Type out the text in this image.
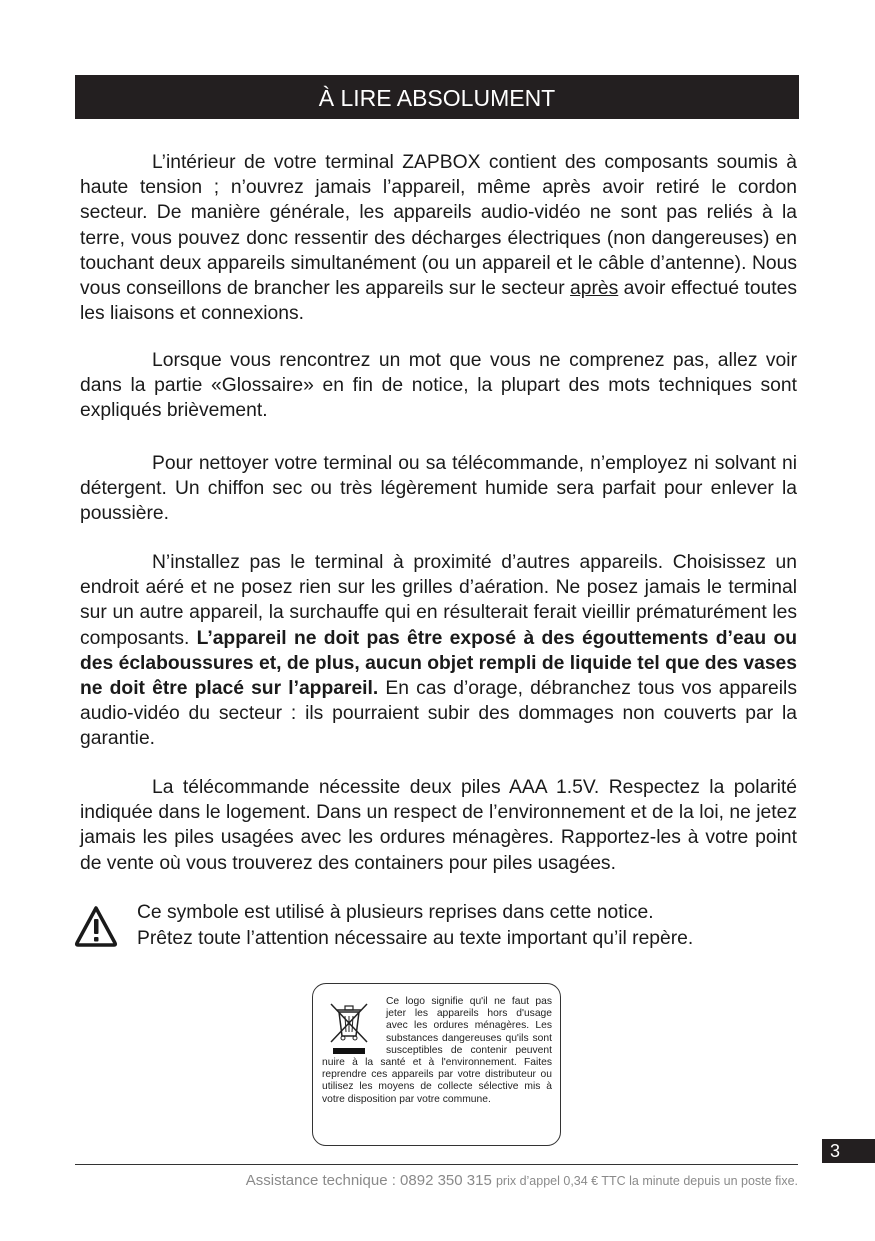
À LIRE ABSOLUMENT

L’intérieur de votre terminal ZAPBOX contient des composants soumis à haute tension ; n’ouvrez jamais l’appareil, même après avoir retiré le cordon secteur. De manière générale, les appareils audio-vidéo ne sont pas reliés à la terre, vous pouvez donc ressentir des décharges électriques (non dangereuses) en touchant deux appareils simultanément (ou un appareil et le câble d’antenne). Nous vous conseillons de brancher les appareils sur le secteur après avoir effectué toutes les liaisons et connexions.

Lorsque vous rencontrez un mot que vous ne comprenez pas, allez voir dans la partie «Glossaire» en fin de notice, la plupart des mots techniques sont expliqués brièvement.

Pour nettoyer votre terminal ou sa télécommande, n’employez ni solvant ni détergent. Un chiffon sec ou très légèrement humide sera parfait pour enlever la poussière.

N’installez pas le terminal à proximité d’autres appareils. Choisissez un endroit aéré et ne posez rien sur les grilles d’aération. Ne posez jamais le terminal sur un autre appareil, la surchauffe qui en résulterait ferait vieillir prématurément les composants. L’appareil ne doit pas être exposé à des égouttements d’eau ou des éclaboussures et, de plus, aucun objet rempli de liquide tel que des vases ne doit être placé sur l’appareil. En cas d’orage, débranchez tous vos appareils audio-vidéo du secteur : ils pourraient subir des dommages non couverts par la garantie.

La télécommande nécessite deux piles AAA 1.5V. Respectez la polarité indiquée dans le logement. Dans un respect de l’environnement et de la loi, ne jetez jamais les piles usagées avec les ordures ménagères. Rapportez-les à votre point de vente où vous trouverez des containers pour piles usagées.

Ce symbole est utilisé à plusieurs reprises dans cette notice.
Prêtez toute l’attention nécessaire au texte important qu’il repère.

Ce logo signifie qu'il ne faut pas jeter les appareils hors d'usage avec les ordures ménagères. Les substances dangereuses qu'ils sont susceptibles de contenir peuvent nuire à la santé et à l'environnement. Faites reprendre ces appareils par votre distributeur ou utilisez les moyens de collecte sélective mis à votre disposition par votre commune.

3
Assistance technique : 0892 350 315 prix d’appel 0,34 € TTC la minute depuis un poste fixe.
